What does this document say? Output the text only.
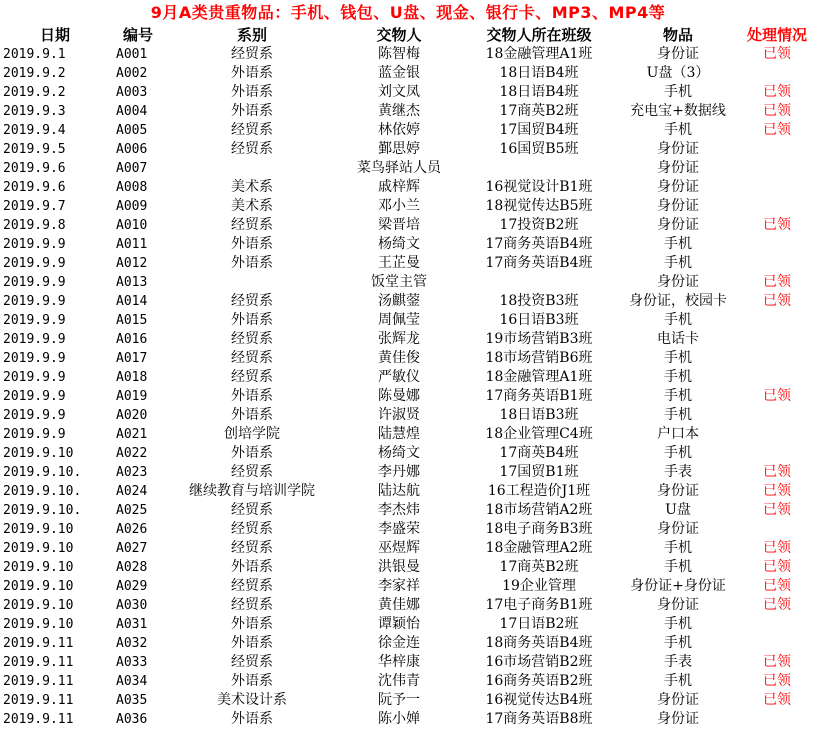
9月A类贵重物品：手机、钱包、U盘、现金、银行卡、MP3、MP4等
日期	编号	系别	交物人	交物人所在班级	物品	处理情况
2019.9.1	A001	经贸系	陈智梅	18金融管理A1班	身份证	已领
2019.9.2	A002	外语系	蓝金银	18日语B4班	U盘（3）	
2019.9.2	A003	外语系	刘文凤	18日语B4班	手机	已领
2019.9.3	A004	外语系	黄继杰	17商英B2班	充电宝+数据线	已领
2019.9.4	A005	经贸系	林依婷	17国贸B4班	手机	已领
2019.9.5	A006	经贸系	鄞思婷	16国贸B5班	身份证	
2019.9.6	A007		菜鸟驿站人员		身份证	
2019.9.6	A008	美术系	戚梓辉	16视觉设计B1班	身份证	
2019.9.7	A009	美术系	邓小兰	18视觉传达B5班	身份证	
2019.9.8	A010	经贸系	梁晋培	17投资B2班	身份证	已领
2019.9.9	A011	外语系	杨绮文	17商务英语B4班	手机	
2019.9.9	A012	外语系	王芷曼	17商务英语B4班	手机	
2019.9.9	A013		饭堂主管		身份证	已领
2019.9.9	A014	经贸系	汤麒蓥	18投资B3班	身份证，校园卡	已领
2019.9.9	A015	外语系	周佩莹	16日语B3班	手机	
2019.9.9	A016	经贸系	张辉龙	19市场营销B3班	电话卡	
2019.9.9	A017	经贸系	黄佳俊	18市场营销B6班	手机	
2019.9.9	A018	经贸系	严敏仪	18金融管理A1班	手机	
2019.9.9	A019	外语系	陈曼娜	17商务英语B1班	手机	已领
2019.9.9	A020	外语系	许淑贤	18日语B3班	手机	
2019.9.9	A021	创培学院	陆慧煌	18企业管理C4班	户口本	
2019.9.10	A022	外语系	杨绮文	17商英B4班	手机	
2019.9.10.	A023	经贸系	李丹娜	17国贸B1班	手表	已领
2019.9.10.	A024	继续教育与培训学院	陆达航	16工程造价J1班	身份证	已领
2019.9.10.	A025	经贸系	李杰炜	18市场营销A2班	U盘	已领
2019.9.10	A026	经贸系	李盛荣	18电子商务B3班	身份证	
2019.9.10	A027	经贸系	巫煜辉	18金融管理A2班	手机	已领
2019.9.10	A028	外语系	洪银曼	17商英B2班	手机	已领
2019.9.10	A029	经贸系	李家祥	19企业管理	身份证+身份证	已领
2019.9.10	A030	经贸系	黄佳娜	17电子商务B1班	身份证	已领
2019.9.10	A031	外语系	谭颖怡	17日语B2班	手机	
2019.9.11	A032	外语系	徐金连	18商务英语B4班	手机	
2019.9.11	A033	经贸系	华梓康	16市场营销B2班	手表	已领
2019.9.11	A034	外语系	沈伟青	16商务英语B2班	手机	已领
2019.9.11	A035	美术设计系	阮予一	16视觉传达B4班	身份证	已领
2019.9.11	A036	外语系	陈小婵	17商务英语B8班	身份证	
